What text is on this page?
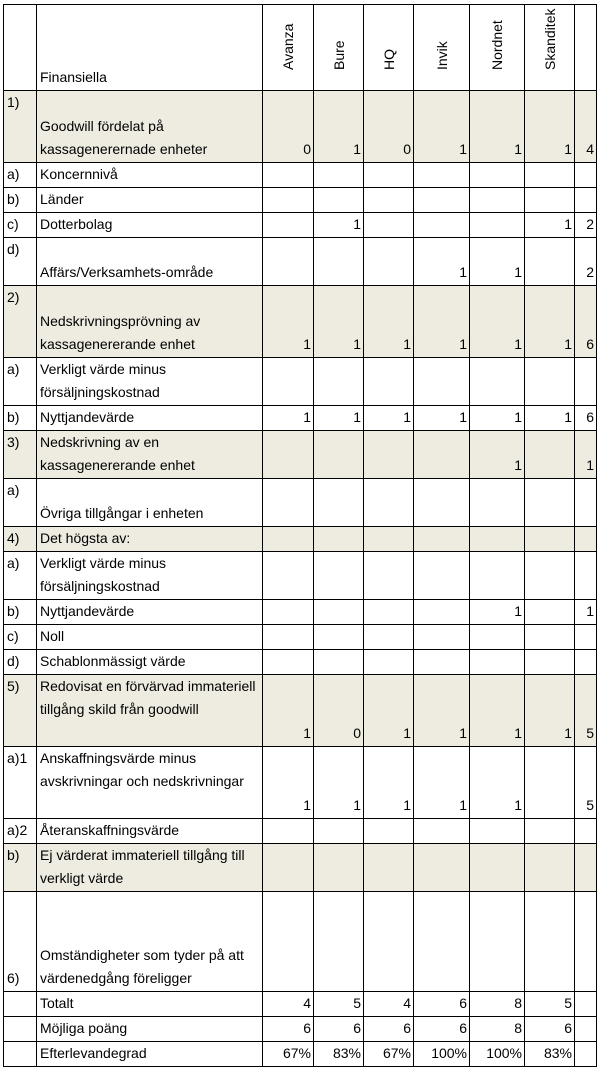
	Finansiella	Avanza	Bure	HQ	Invik	Nordnet	Skanditek	

1)	Goodwill fördelat på kassagenerernade enheter	0	1	0	1	1	1	4
a)	Koncernnivå							
b)	Länder							
c)	Dotterbolag		1				1	2
d)	Affärs/Verksamhets-område				1	1		2
2)	Nedskrivningsprövning av kassagenererande enhet	1	1	1	1	1	1	6
a)	Verkligt värde minus försäljningskostnad							
b)	Nyttjandevärde	1	1	1	1	1	1	6
3)	Nedskrivning av en kassagenererande enhet					1		1
a)	Övriga tillgångar i enheten							
4)	Det högsta av:							
a)	Verkligt värde minus försäljningskostnad							
b)	Nyttjandevärde					1		1
c)	Noll							
d)	Schablonmässigt värde							
5)	Redovisat en förvärvad immateriell tillgång skild från goodwill	1	0	1	1	1	1	5
a)1	Anskaffningsvärde minus avskrivningar och nedskrivningar	1	1	1	1	1		5
a)2	Återanskaffningsvärde							
b)	Ej värderat immateriell tillgång till verkligt värde							
6)	Omständigheter som tyder på att värdenedgång föreligger							
	Totalt	4	5	4	6	8	5	
	Möjliga poäng	6	6	6	6	8	6	
	Efterlevandegrad	67%	83%	67%	100%	100%	83%	
